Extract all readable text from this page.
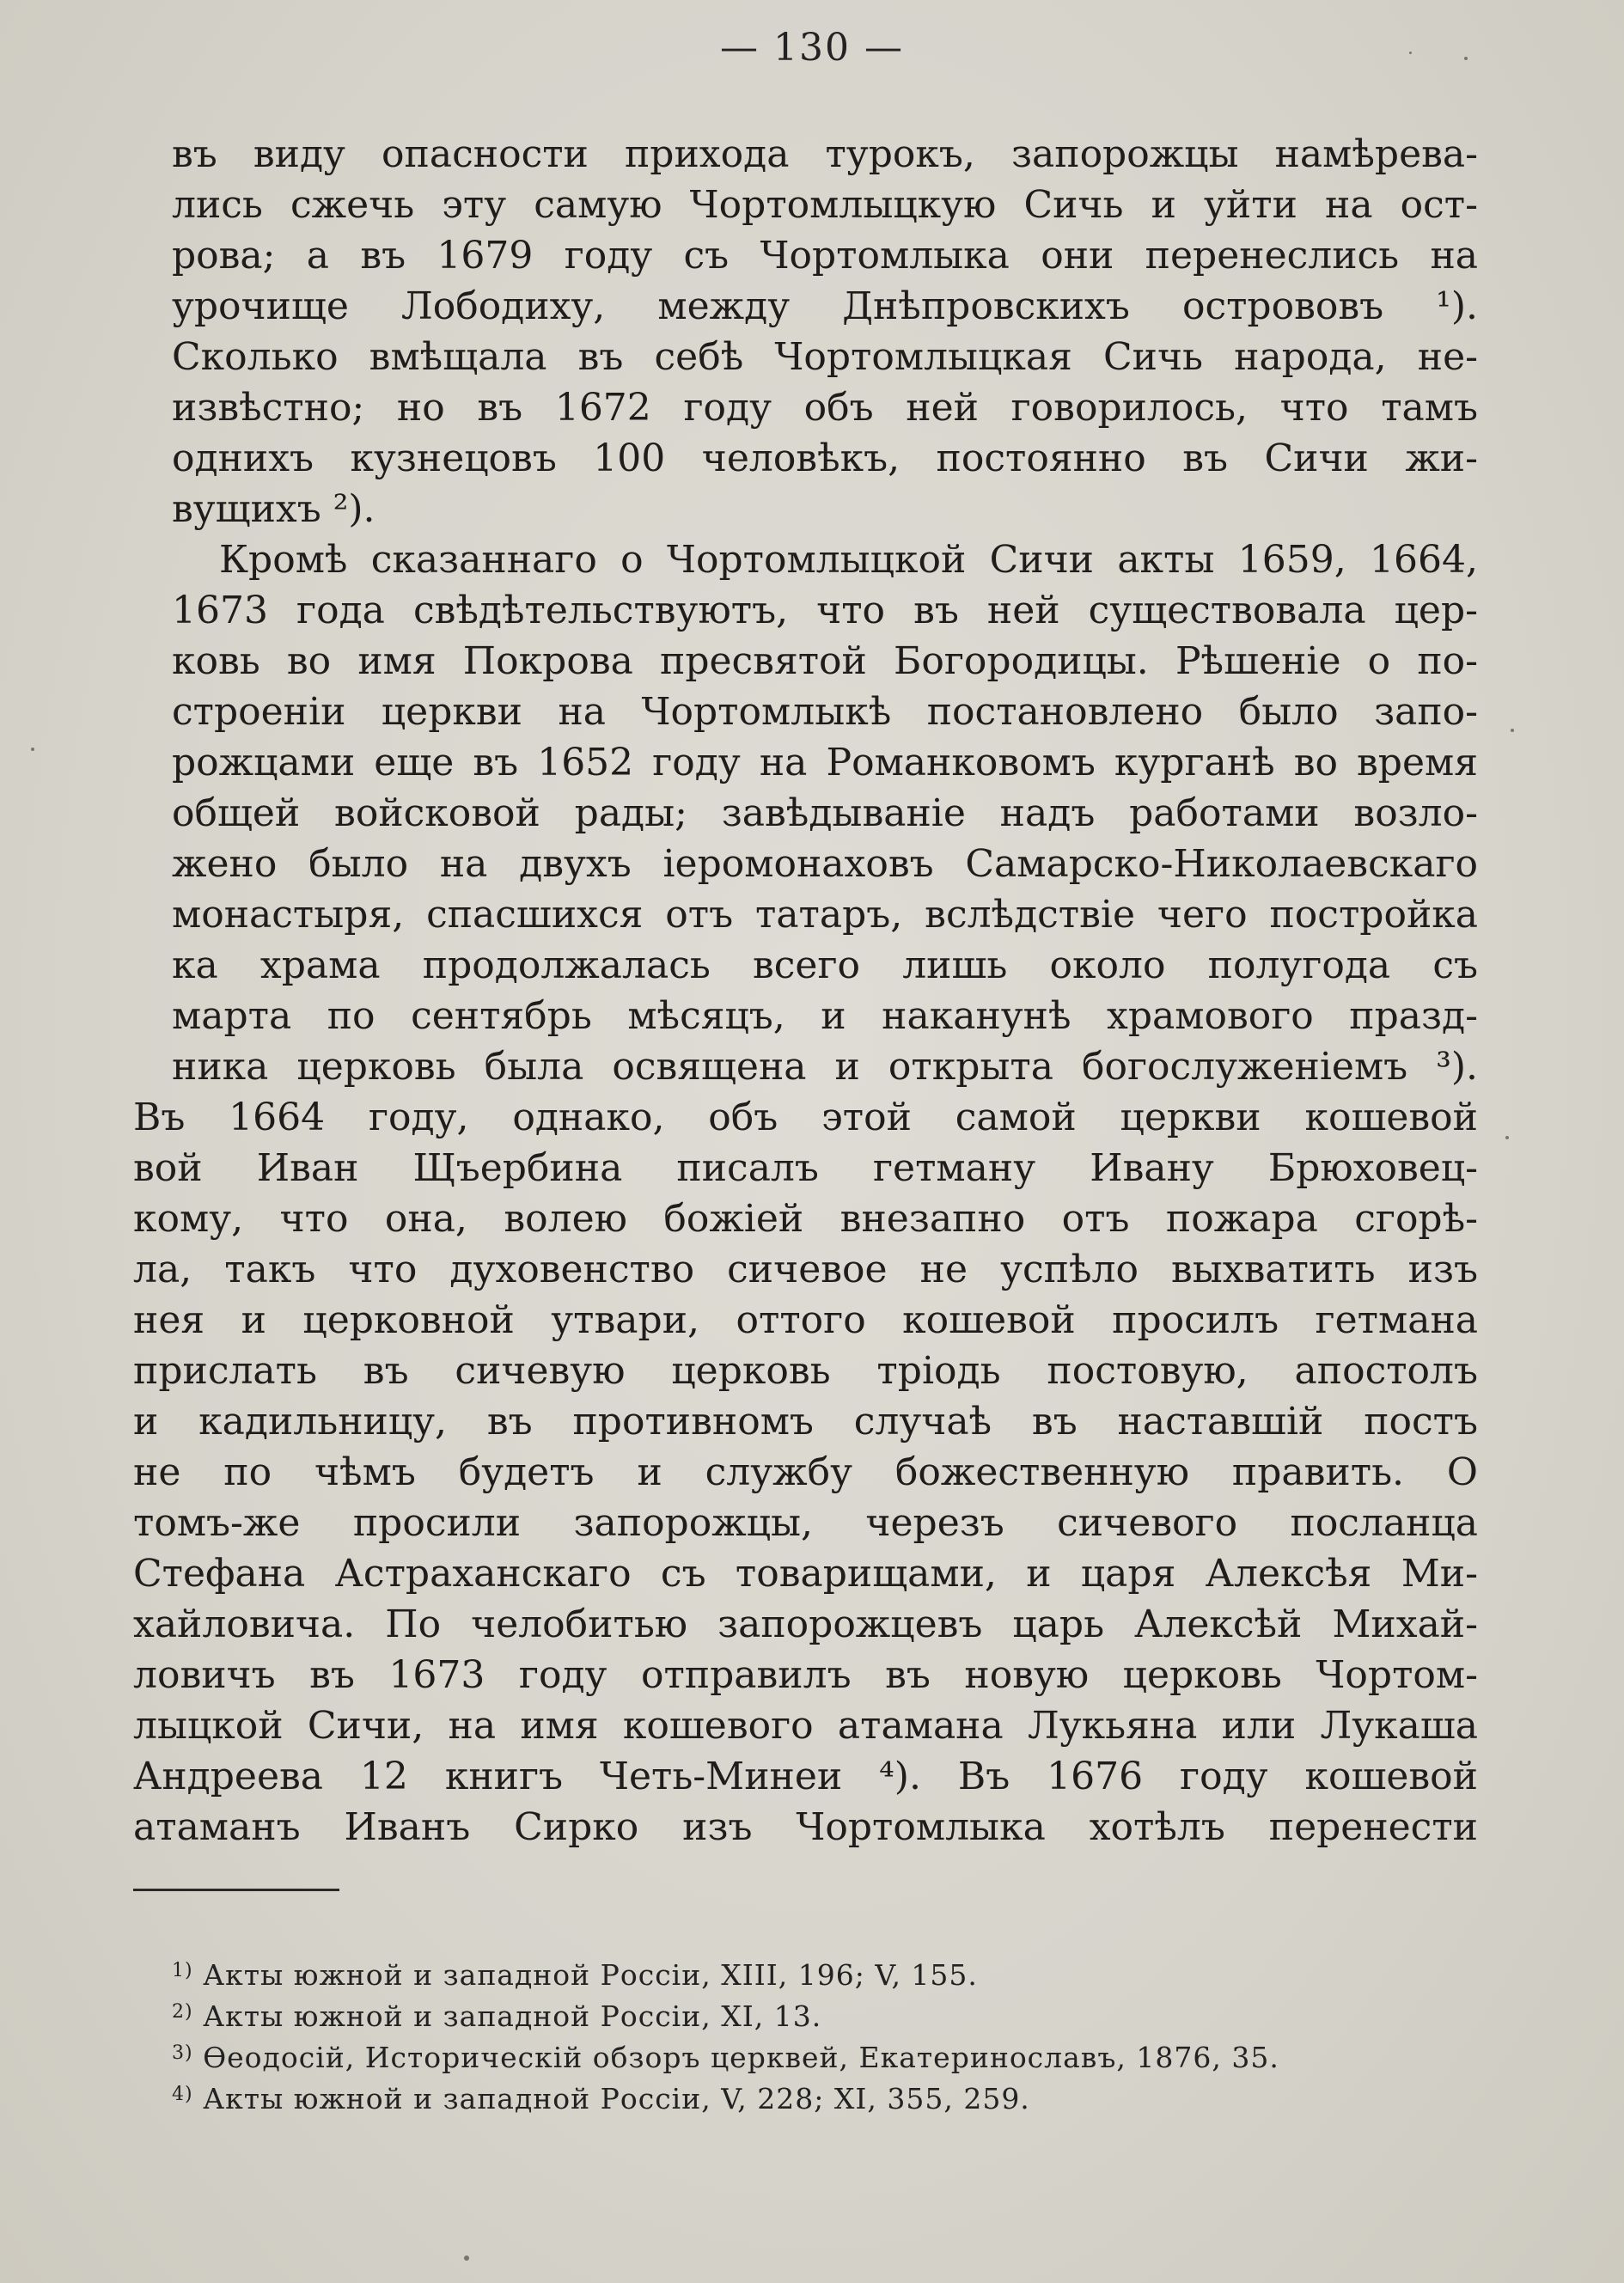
— 130 —
въ виду опасности прихода турокъ, запорожцы намѣрева-
лись сжечь эту самую Чортомлыцкую Сичь и уйти на ост-
рова; а въ 1679 году съ Чортомлыка они перенеслись на
урочище Лободиху, между Днѣпровскихъ острововъ ¹).
Сколько вмѣщала въ себѣ Чортомлыцкая Сичь народа, не-
извѣстно; но въ 1672 году объ ней говорилось, что тамъ
однихъ кузнецовъ 100 человѣкъ, постоянно въ Сичи жи-
вущихъ ²).
Кромѣ сказаннаго о Чортомлыцкой Сичи акты 1659, 1664,
1673 года свѣдѣтельствуютъ, что въ ней существовала цер-
ковь во имя Покрова пресвятой Богородицы. Рѣшеніе о по-
строеніи церкви на Чортомлыкѣ постановлено было запо-
рожцами еще въ 1652 году на Романковомъ курганѣ во время
общей войсковой рады; завѣдываніе надъ работами возло-
жено было на двухъ іеромонаховъ Самарско-Николаевскаго
монастыря, спасшихся отъ татаръ, вслѣдствіе чего постройка
ка храма продолжалась всего лишь около полугода съ
марта по сентябрь мѣсяцъ, и наканунѣ храмового празд-
ника церковь была освящена и открыта богослуженіемъ ³).
Въ 1664 году, однако, объ этой самой церкви кошевой
вой Иван Щъербина писалъ гетману Ивану Брюховец-
кому, что она, волею божіей внезапно отъ пожара сгорѣ-
ла, такъ что духовенство сичевое не успѣло выхватить изъ
нея и церковной утвари, оттого кошевой просилъ гетмана
прислать въ сичевую церковь тріодь постовую, апостолъ
и кадильницу, въ противномъ случаѣ въ наставшій постъ
не по чѣмъ будетъ и службу божественную править. О
томъ-же просили запорожцы, черезъ сичевого посланца
Стефана Астраханскаго съ товарищами, и царя Алексѣя Ми-
хайловича. По челобитью запорожцевъ царь Алексѣй Михай-
ловичъ въ 1673 году отправилъ въ новую церковь Чортом-
лыцкой Сичи, на имя кошевого атамана Лукьяна или Лукаша
Андреева 12 книгъ Четь-Минеи ⁴). Въ 1676 году кошевой
атаманъ Иванъ Сирко изъ Чортомлыка хотѣлъ перенести
$^{1)}$ Акты южной и западной Россіи, XIII, 196; V, 155.
$^{2)}$ Акты южной и западной Россіи, XI, 13.
$^{3)}$ Ѳеодосій, Историческій обзоръ церквей, Екатеринославъ, 1876, 35.
$^{4)}$ Акты южной и западной Россіи, V, 228; XI, 355, 259.
